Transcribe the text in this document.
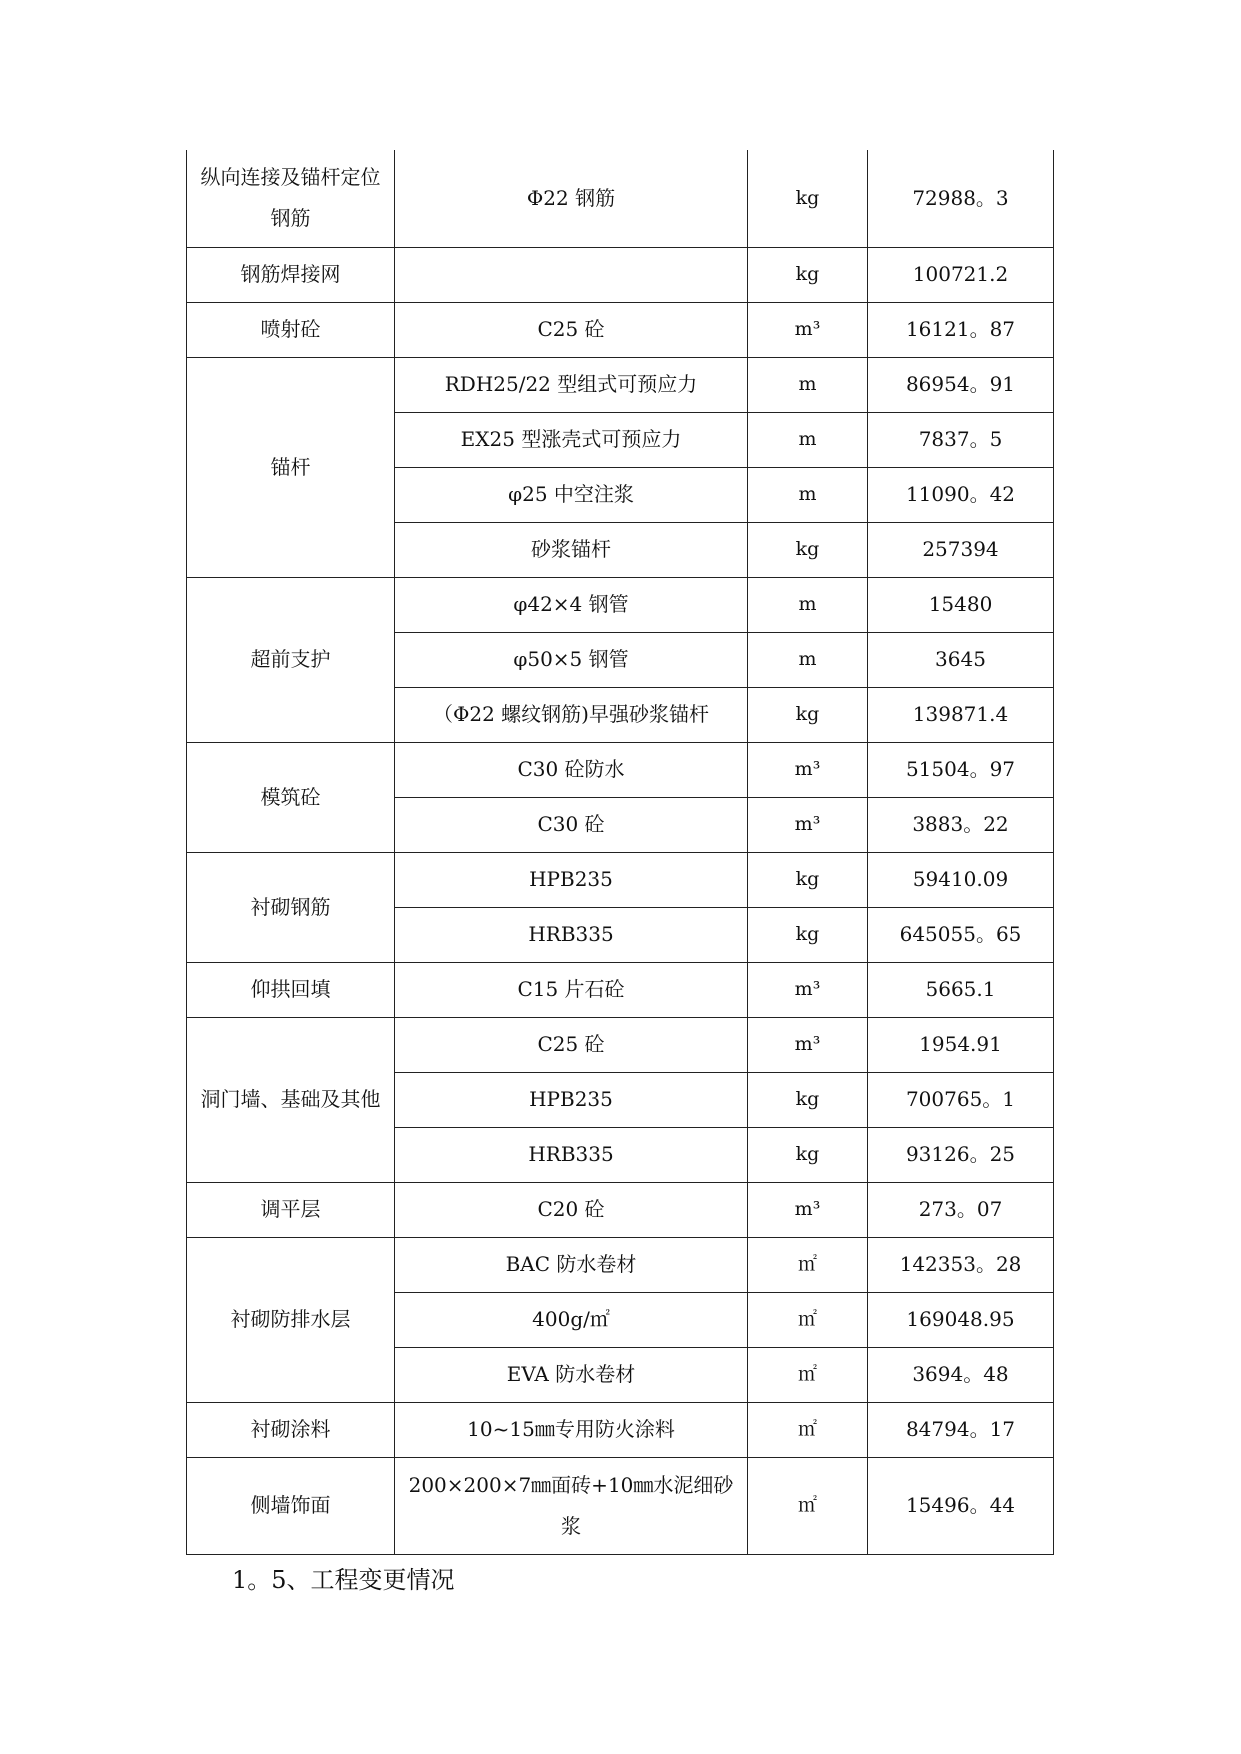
纵向连接及锚杆定位钢筋	Φ22 钢筋	kg	72988。3
钢筋焊接网		kg	100721.2
喷射砼	C25 砼	m³	16121。87
锚杆	RDH25/22 型组式可预应力	m	86954。91
	EX25 型涨壳式可预应力	m	7837。5
	φ25 中空注浆	m	11090。42
	砂浆锚杆	kg	257394
超前支护	φ42×4 钢管	m	15480
	φ50×5 钢管	m	3645
	（Φ22 螺纹钢筋)早强砂浆锚杆	kg	139871.4
模筑砼	C30 砼防水	m³	51504。97
	C30 砼	m³	3883。22
衬砌钢筋	HPB235	kg	59410.09
	HRB335	kg	645055。65
仰拱回填	C15 片石砼	m³	5665.1
洞门墙、基础及其他	C25 砼	m³	1954.91
	HPB235	kg	700765。1
	HRB335	kg	93126。25
调平层	C20 砼	m³	273。07
衬砌防排水层	BAC 防水卷材	㎡	142353。28
	400g/㎡	㎡	169048.95
	EVA 防水卷材	㎡	3694。48
衬砌涂料	10~15㎜专用防火涂料	㎡	84794。17
侧墙饰面	200×200×7㎜面砖+10㎜水泥细砂浆	㎡	15496。44

1。5、工程变更情况
